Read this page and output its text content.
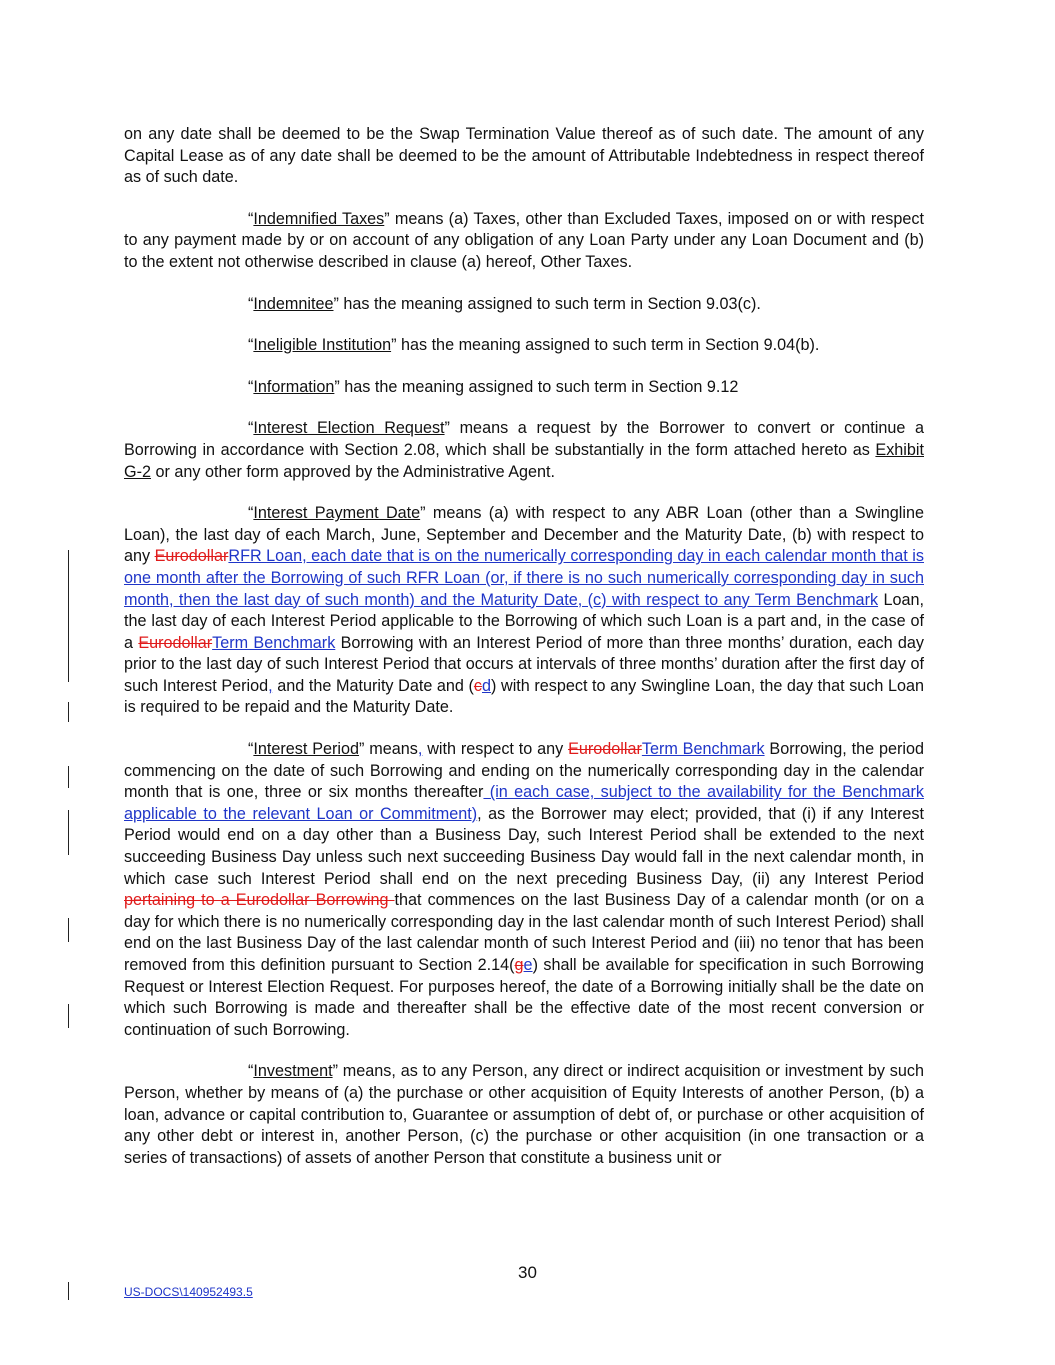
on any date shall be deemed to be the Swap Termination Value thereof as of such date. The amount of any Capital Lease as of any date shall be deemed to be the amount of Attributable Indebtedness in respect thereof as of such date.

“Indemnified Taxes” means (a) Taxes, other than Excluded Taxes, imposed on or with respect to any payment made by or on account of any obligation of any Loan Party under any Loan Document and (b) to the extent not otherwise described in clause (a) hereof, Other Taxes.

“Indemnitee” has the meaning assigned to such term in Section 9.03(c).

“Ineligible Institution” has the meaning assigned to such term in Section 9.04(b).

“Information” has the meaning assigned to such term in Section 9.12

“Interest Election Request” means a request by the Borrower to convert or continue a Borrowing in accordance with Section 2.08, which shall be substantially in the form attached hereto as Exhibit G-2 or any other form approved by the Administrative Agent.

“Interest Payment Date” means (a) with respect to any ABR Loan (other than a Swingline Loan), the last day of each March, June, September and December and the Maturity Date, (b) with respect to any EurodollarRFR Loan, each date that is on the numerically corresponding day in each calendar month that is one month after the Borrowing of such RFR Loan (or, if there is no such numerically corresponding day in such month, then the last day of such month) and the Maturity Date, (c) with respect to any Term Benchmark Loan, the last day of each Interest Period applicable to the Borrowing of which such Loan is a part and, in the case of a EurodollarTerm Benchmark Borrowing with an Interest Period of more than three months’ duration, each day prior to the last day of such Interest Period that occurs at intervals of three months’ duration after the first day of such Interest Period, and the Maturity Date and (cd) with respect to any Swingline Loan, the day that such Loan is required to be repaid and the Maturity Date.

“Interest Period” means, with respect to any EurodollarTerm Benchmark Borrowing, the period commencing on the date of such Borrowing and ending on the numerically corresponding day in the calendar month that is one, three or six months thereafter (in each case, subject to the availability for the Benchmark applicable to the relevant Loan or Commitment), as the Borrower may elect; provided, that (i) if any Interest Period would end on a day other than a Business Day, such Interest Period shall be extended to the next succeeding Business Day unless such next succeeding Business Day would fall in the next calendar month, in which case such Interest Period shall end on the next preceding Business Day, (ii) any Interest Period pertaining to a Eurodollar Borrowing that commences on the last Business Day of a calendar month (or on a day for which there is no numerically corresponding day in the last calendar month of such Interest Period) shall end on the last Business Day of the last calendar month of such Interest Period and (iii) no tenor that has been removed from this definition pursuant to Section 2.14(ge) shall be available for specification in such Borrowing Request or Interest Election Request. For purposes hereof, the date of a Borrowing initially shall be the date on which such Borrowing is made and thereafter shall be the effective date of the most recent conversion or continuation of such Borrowing.

“Investment” means, as to any Person, any direct or indirect acquisition or investment by such Person, whether by means of (a) the purchase or other acquisition of Equity Interests of another Person, (b) a loan, advance or capital contribution to, Guarantee or assumption of debt of, or purchase or other acquisition of any other debt or interest in, another Person, (c) the purchase or other acquisition (in one transaction or a series of transactions) of assets of another Person that constitute a business unit or

30
US-DOCS\140952493.5
